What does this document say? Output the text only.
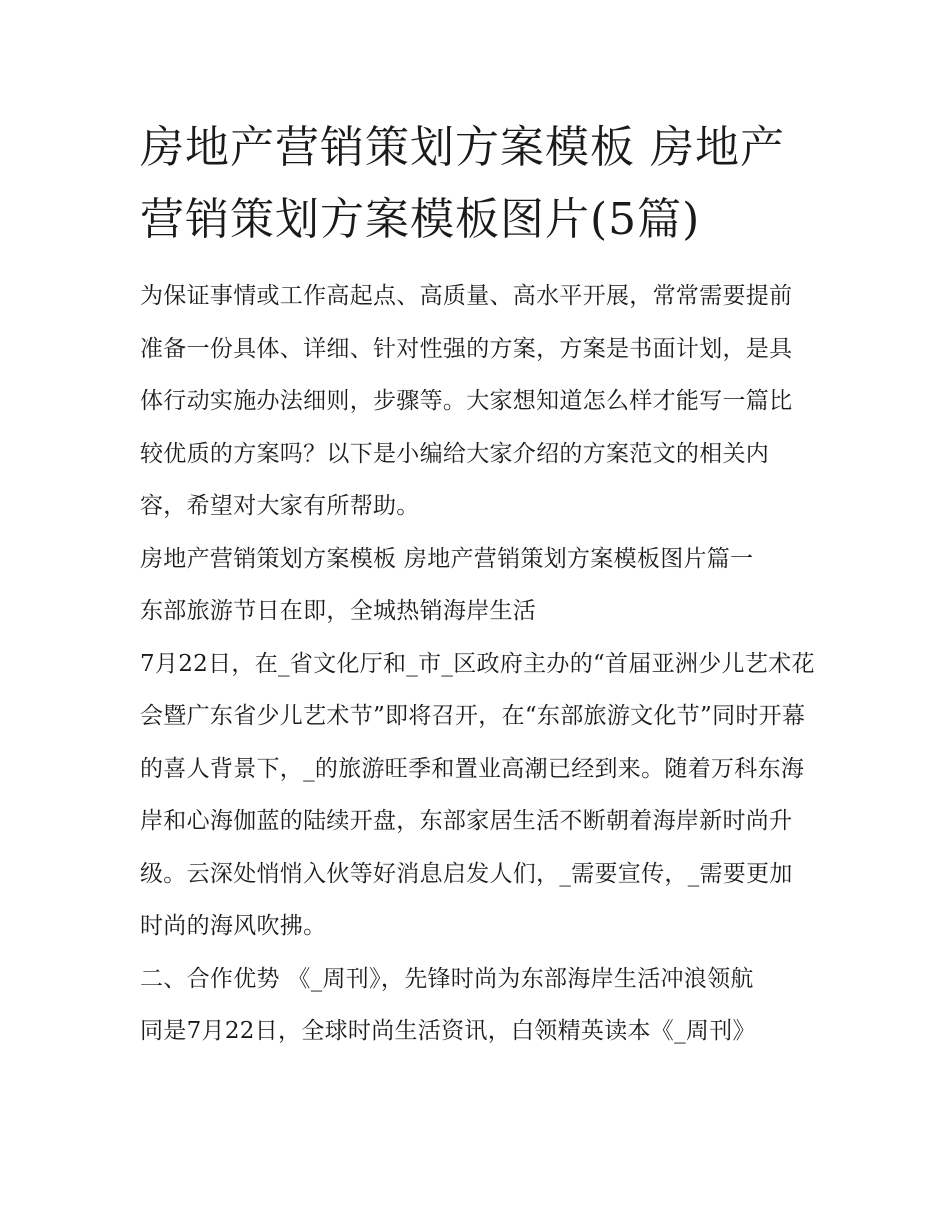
房地产营销策划方案模板 房地产营销策划方案模板图片(5篇)

为保证事情或工作高起点、高质量、高水平开展，常常需要提前准备一份具体、详细、针对性强的方案，方案是书面计划，是具体行动实施办法细则，步骤等。大家想知道怎么样才能写一篇比较优质的方案吗？以下是小编给大家介绍的方案范文的相关内容，希望对大家有所帮助。

房地产营销策划方案模板 房地产营销策划方案模板图片篇一

东部旅游节日在即，全城热销海岸生活

7月22日，在_省文化厅和_市_区政府主办的“首届亚洲少儿艺术花会暨广东省少儿艺术节”即将召开，在“东部旅游文化节”同时开幕的喜人背景下，_的旅游旺季和置业高潮已经到来。随着万科东海岸和心海伽蓝的陆续开盘，东部家居生活不断朝着海岸新时尚升级。云深处悄悄入伙等好消息启发人们，_需要宣传，_需要更加时尚的海风吹拂。

二、合作优势 《_周刊》，先锋时尚为东部海岸生活冲浪领航

同是7月22日，全球时尚生活资讯，白领精英读本《_周刊》
